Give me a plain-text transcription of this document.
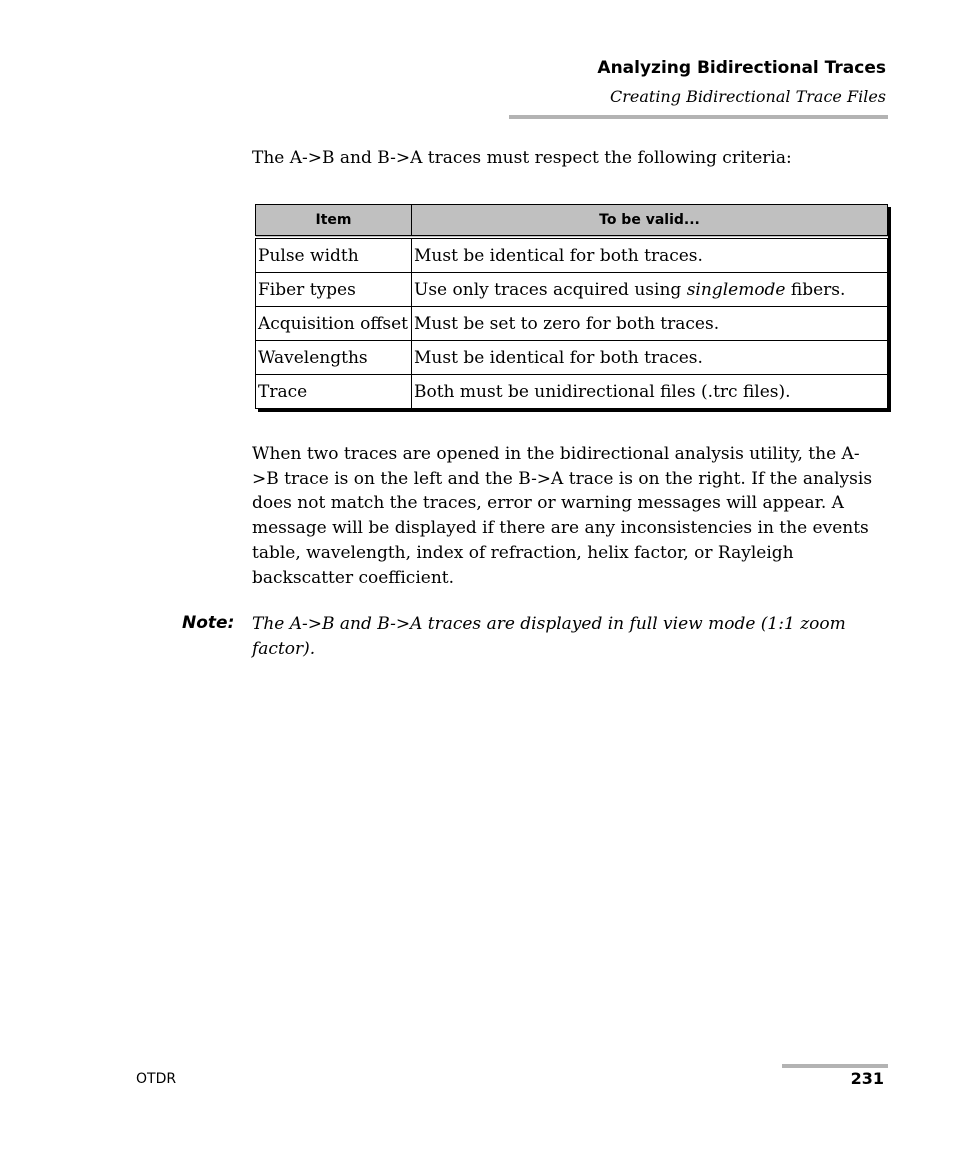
Analyzing Bidirectional Traces
Creating Bidirectional Trace Files
The A->B and B->A traces must respect the following criteria:
Item	To be valid...
Pulse width	Must be identical for both traces.
Fiber types	Use only traces acquired using singlemode fibers.
Acquisition offset	Must be set to zero for both traces.
Wavelengths	Must be identical for both traces.
Trace	Both must be unidirectional files (.trc files).
When two traces are opened in the bidirectional analysis utility, the A->B trace is on the left and the B->A trace is on the right. If the analysis does not match the traces, error or warning messages will appear. A message will be displayed if there are any inconsistencies in the events table, wavelength, index of refraction, helix factor, or Rayleigh backscatter coefficient.
Note: The A->B and B->A traces are displayed in full view mode (1:1 zoom factor).
OTDR	231
